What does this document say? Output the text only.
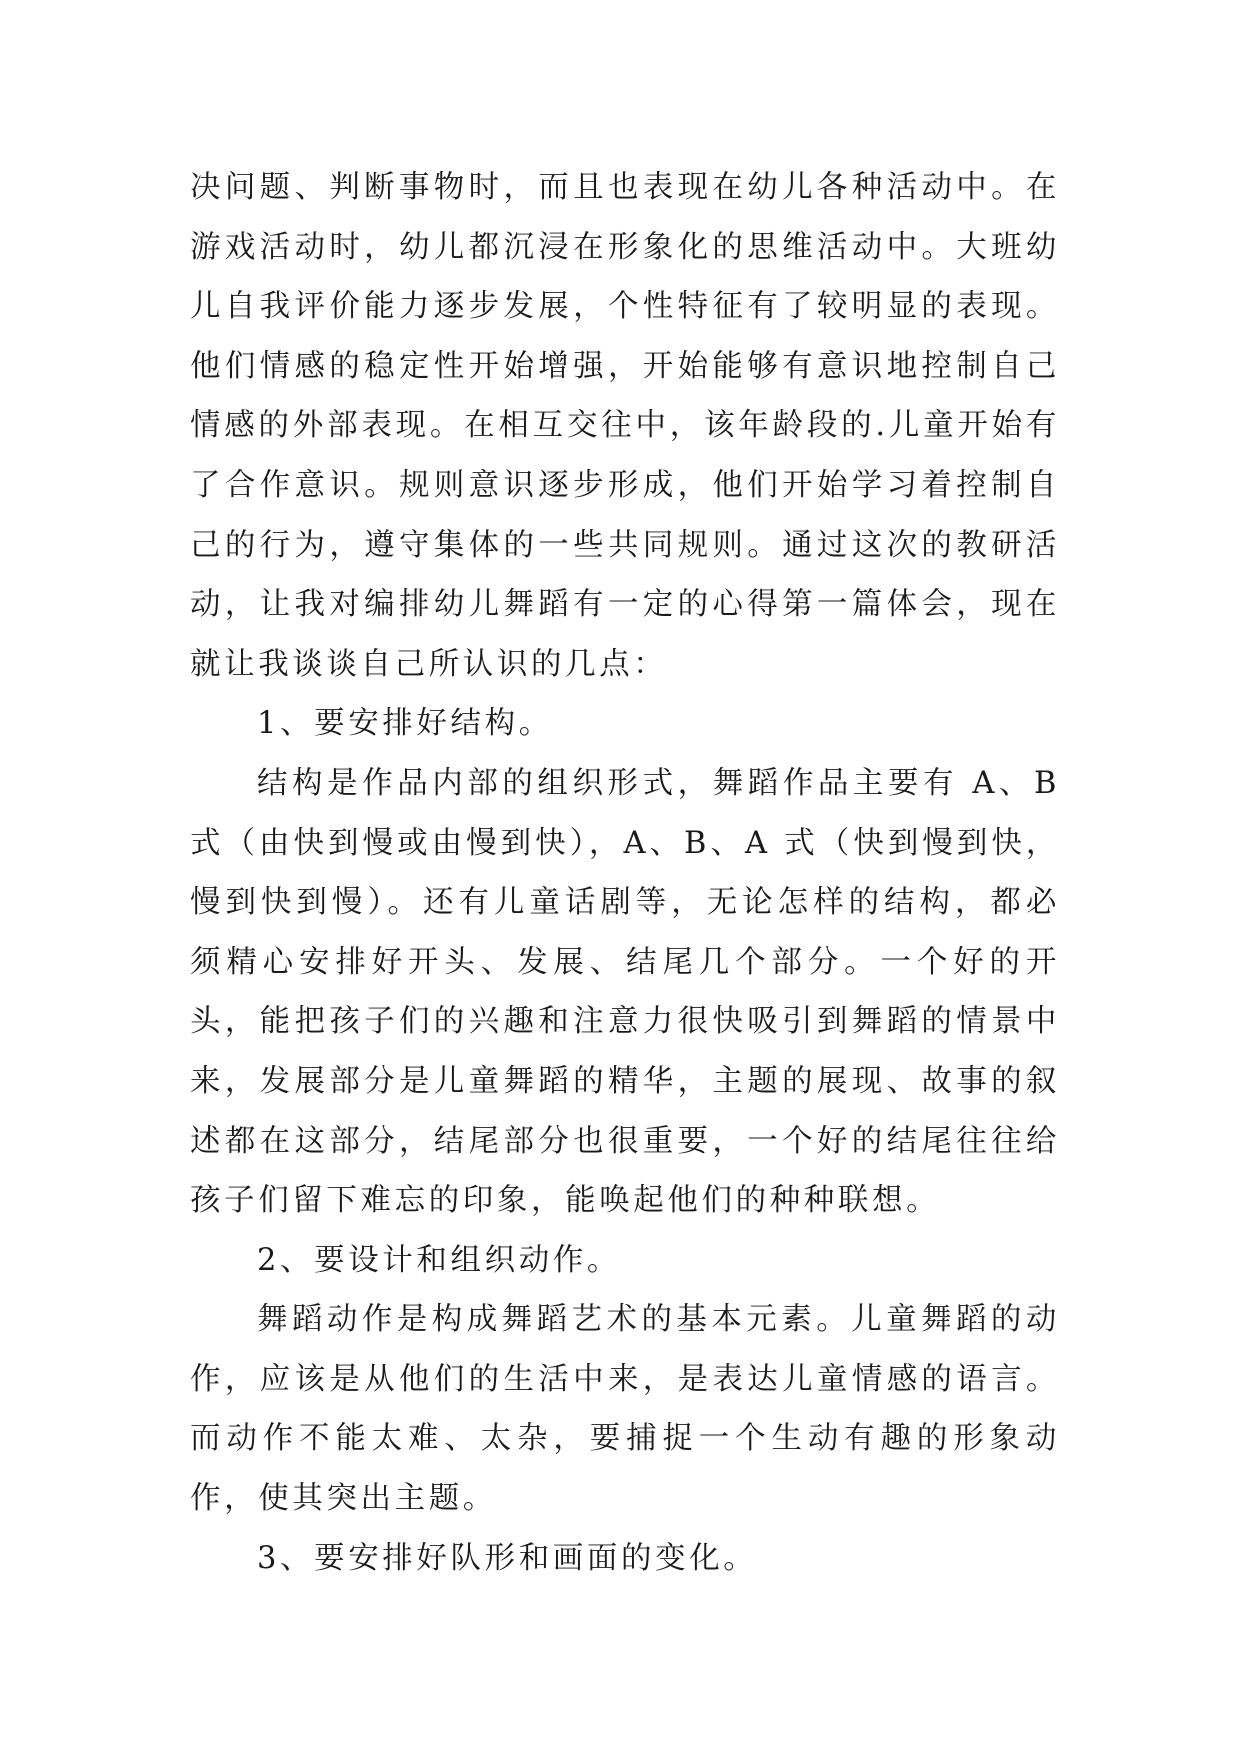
决问题、判断事物时，而且也表现在幼儿各种活动中。在游戏活动时，幼儿都沉浸在形象化的思维活动中。大班幼儿自我评价能力逐步发展，个性特征有了较明显的表现。他们情感的稳定性开始增强，开始能够有意识地控制自己情感的外部表现。在相互交往中，该年龄段的.儿童开始有了合作意识。规则意识逐步形成，他们开始学习着控制自己的行为，遵守集体的一些共同规则。通过这次的教研活动，让我对编排幼儿舞蹈有一定的心得第一篇体会，现在就让我谈谈自己所认识的几点：

1、要安排好结构。

结构是作品内部的组织形式，舞蹈作品主要有 A、B 式（由快到慢或由慢到快），A、B、A 式（快到慢到快，慢到快到慢）。还有儿童话剧等，无论怎样的结构，都必须精心安排好开头、发展、结尾几个部分。一个好的开头，能把孩子们的兴趣和注意力很快吸引到舞蹈的情景中来，发展部分是儿童舞蹈的精华，主题的展现、故事的叙述都在这部分，结尾部分也很重要，一个好的结尾往往给孩子们留下难忘的印象，能唤起他们的种种联想。

2、要设计和组织动作。

舞蹈动作是构成舞蹈艺术的基本元素。儿童舞蹈的动作，应该是从他们的生活中来，是表达儿童情感的语言。而动作不能太难、太杂，要捕捉一个生动有趣的形象动作，使其突出主题。

3、要安排好队形和画面的变化。
